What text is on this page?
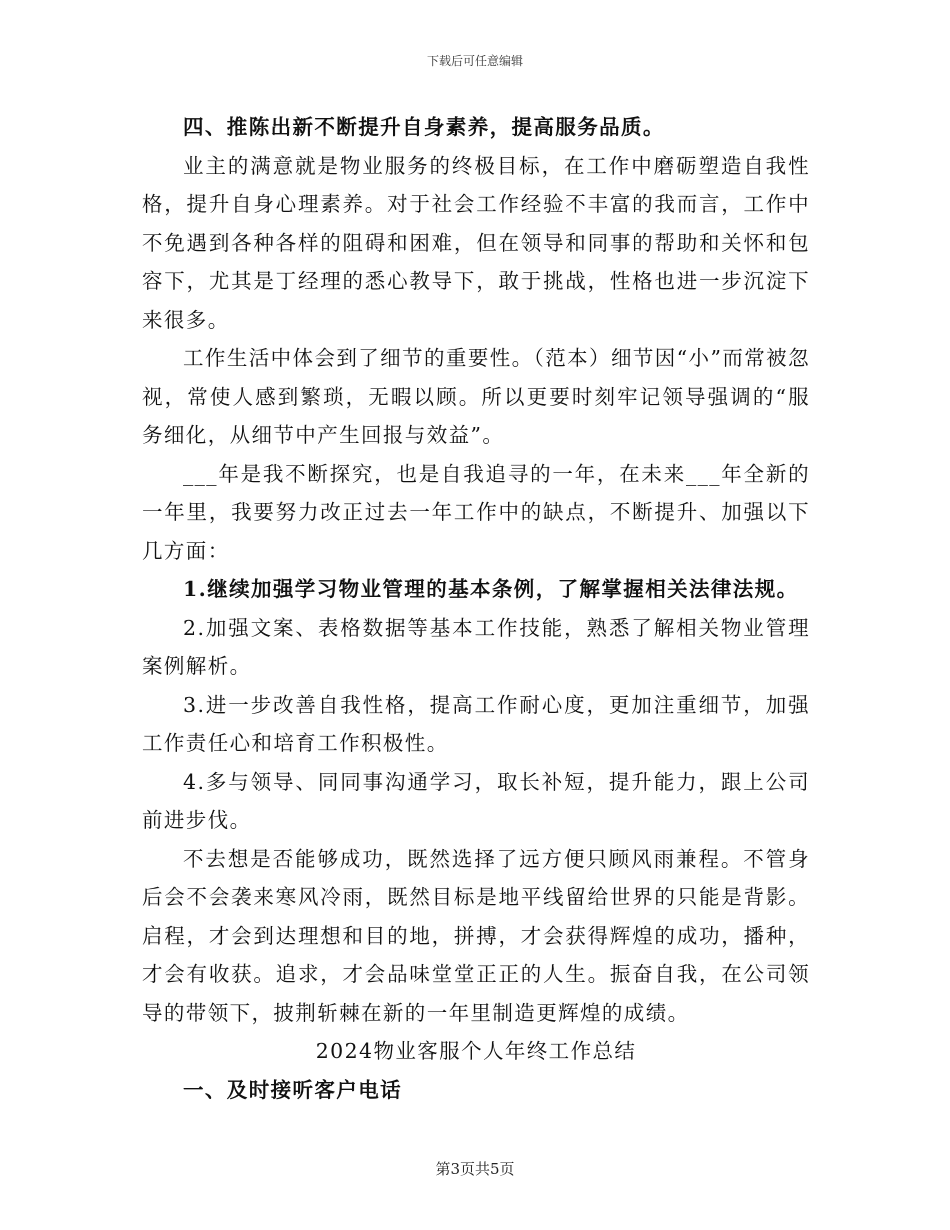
下载后可任意编辑

四、推陈出新不断提升自身素养，提高服务品质。

业主的满意就是物业服务的终极目标，在工作中磨砺塑造自我性格，提升自身心理素养。对于社会工作经验不丰富的我而言，工作中不免遇到各种各样的阻碍和困难，但在领导和同事的帮助和关怀和包容下，尤其是丁经理的悉心教导下，敢于挑战，性格也进一步沉淀下来很多。

工作生活中体会到了细节的重要性。（范本）细节因“小”而常被忽视，常使人感到繁琐，无暇以顾。所以更要时刻牢记领导强调的“服务细化，从细节中产生回报与效益”。

___年是我不断探究，也是自我追寻的一年，在未来___年全新的一年里，我要努力改正过去一年工作中的缺点，不断提升、加强以下几方面：

1.继续加强学习物业管理的基本条例，了解掌握相关法律法规。

2.加强文案、表格数据等基本工作技能，熟悉了解相关物业管理案例解析。

3.进一步改善自我性格，提高工作耐心度，更加注重细节，加强工作责任心和培育工作积极性。

4.多与领导、同同事沟通学习，取长补短，提升能力，跟上公司前进步伐。

不去想是否能够成功，既然选择了远方便只顾风雨兼程。不管身后会不会袭来寒风冷雨，既然目标是地平线留给世界的只能是背影。启程，才会到达理想和目的地，拼搏，才会获得辉煌的成功，播种，才会有收获。追求，才会品味堂堂正正的人生。振奋自我，在公司领导的带领下，披荆斩棘在新的一年里制造更辉煌的成绩。

2024物业客服个人年终工作总结

一、及时接听客户电话

第3页共5页
